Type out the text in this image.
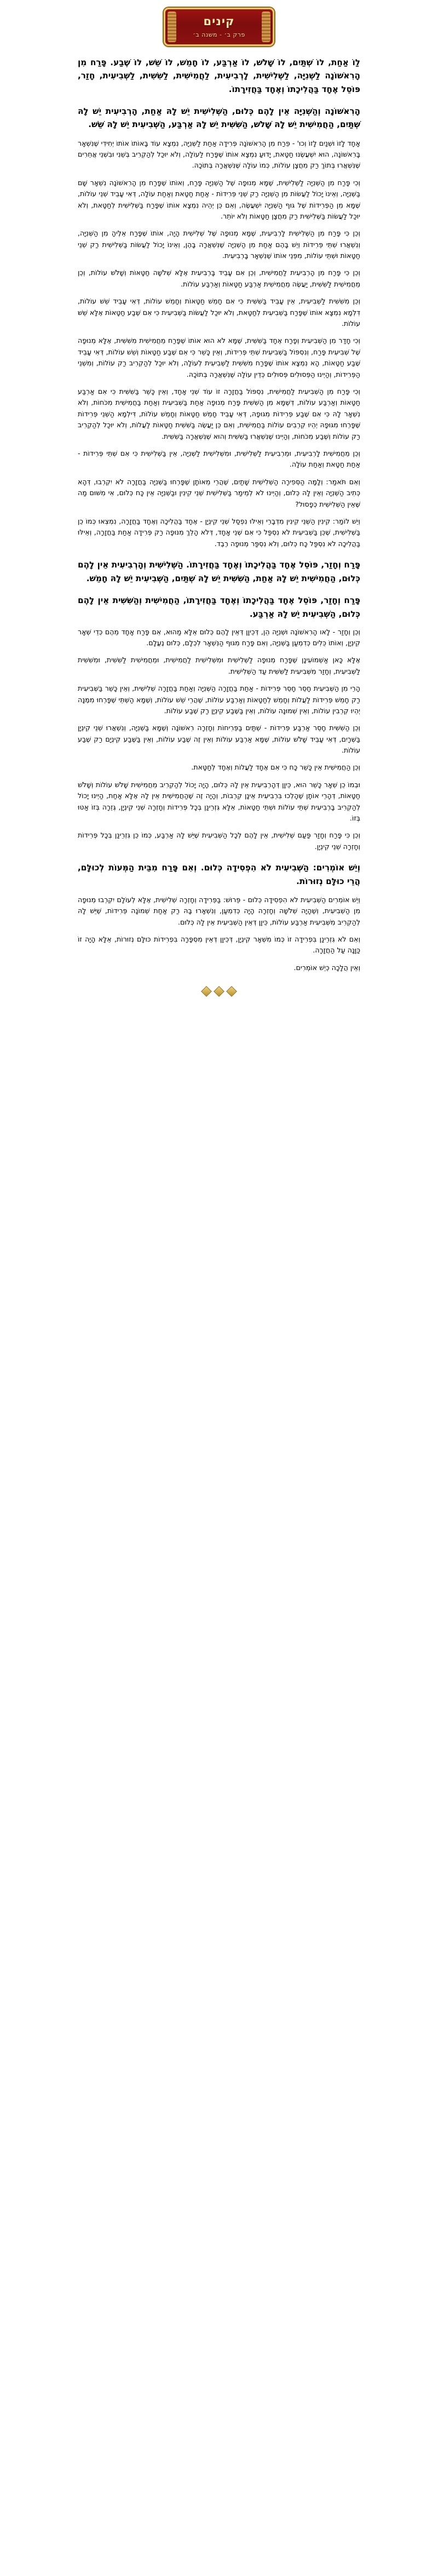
קינים
פרק ב׳ - משנה ב׳

לַוֹ אַחַת, לוֹ שְׁתַּיִם, לוֹ שָׁלֹשׁ, לוֹ אַרְבַּע, לוֹ חָמֵשׁ, לוֹ שֵׁשׁ, לוֹ שֶׁבַע. פָּרַח מִן הָרִאשׁוֹנָה לַשְּׁנִיָּה, לַשְּׁלִישִׁית, לָרְבִיעִית, לַחֲמִישִׁית, לַשִּׁשִּׁית, לַשְּׁבִיעִית, חָזַר, פּוֹסֵל אֶחָד בַּהֲלִיכָתוֹ וְאֶחָד בַּחֲזִירָתוֹ.

הָרִאשׁוֹנָה וְהַשְּׁנִיָּה אֵין לָהֶם כְּלוּם, הַשְּׁלִישִׁית יֵשׁ לָהּ אַחַת, הָרְבִיעִית יֵשׁ לָהּ שְׁתַּיִם, הַחֲמִישִׁית יֵשׁ לָהּ שָׁלֹשׁ, הַשִּׁשִּׁית יֵשׁ לָהּ אַרְבַּע, הַשְּׁבִיעִית יֵשׁ לָהּ שֵׁשׁ.

אָחָד לָזוֹ וּשְׁנַיִם לָזוֹ וְכוּ' - פֵּרַח מִן הָרִאשׁוֹנָה פְּרִידָה אַחַת לַשְּׁנִיָּה, נִמְצָא עוֹד בָּאוֹתוֹ אוֹתוֹ יְחִידִי שֶׁנִּשְׁאָר בָּרִאשׁוֹנָה, הוּא יִשְׁעֲשֶׂנּוּ חַטָּאת, יָדוּעַ נִמְצָא אוֹתוֹ שֶׁפָּרַח לַעוֹלָה, וְלֹא יוּכַל לְהַקְרִיב בְּשֵׁנִי וּבִשְׁנֵי אֲחֵרִים שֶׁנִּשְׁאֲרוּ בְּתוֹךְ רַק מִחֲצָן עוֹלוֹת, כְּמוֹ עוֹלָה שֶׁנִּשְׁאֲרָה בְּתוֹכָהּ.

וְכִי פָּרַח מִן הַשְּׁנִיָּה לַשְּׁלִישִׁית, שֶׁמָּא מְנוּפָה שֶׁל הַשְּׁנִיָּה פָּרַח, וְאוֹתוֹ שֶׁפָּרַח מִן הָרִאשׁוֹנָה נִשְׁאָר שָׁם בַּשְּׁנִיָּה, וְאֵינוֹ יָכוֹל לַעֲשׂוֹת מִן הַשְּׁנִיָּה רַק שְׁנֵי פְּרִידוֹת - אַחַת חַטָּאת וְאַחַת עוֹלָה, דְּאִי עָבֵיד שְׁנֵי עוֹלוֹת, שֶׁמָּא מִן הַפְּרִידוֹת שֶׁל גּוּף הַשְּׁנִיָּה יִשְׁעֲשֶׂה, וְאִם כֵּן יְהֵיה נִמְצָא אוֹתוֹ שֶׁפָּרַח בַּשְּׁלִישִׁית לְחַטָּאת, וְלֹא יוּכַל לַעֲשׂוֹת בַּשְּׁלִישִׁית רַק מִחֲצָן חַטָּאוֹת וְלֹא יוֹתֵר.

וְכֵן כִּי פָּרַח מִן הַשְּׁלִישִׁית לָרְבִיעִית, שֶׁמָּא מְנוּפָה שֶׁל שְׁלִישִׁית הָיָה, אוֹתוֹ שֶׁפָּרַח אֵלֶיהָ מִן הַשְּׁנִיָּה, וְנִשְׁאֲרוּ שְׁתֵּי פְּרִידוֹת וְיֵשׁ בָּהֶם אַחַת מִן הַשְּׁנִיָּה שֶׁנִּשְׁאֲרָה בָּהֶן, וְאֵינוֹ יָכוֹל לַעֲשׂוֹת בַּשְּׁלִישִׁית רַק שְׁנֵי חַטָּאוֹת וּשְׁתֵּי עוֹלוֹת, מִפְּנֵי אוֹתוֹ שֶׁנִּשְׁאָר בָּרְבִיעִית.

וְכֵן כִּי פָּרַח מִן הָרְבִיעִית לַחֲמִישִׁית, וְכֵן אִם עָבֵיד בָּרְבִיעִית אֶלָּא שְׁלֹשָׁה חַטָּאוֹת וְשָׁלֹשׁ עוֹלוֹת, וְכֵן מֵחֲמִישִׁית לַשִּׁשִּׁית, יַעֲשֶׂה מֵחֲמִישִׁית אַרְבַּע חַטָּאוֹת וְאַרְבַּע עוֹלוֹת.

וְכֵן מִשִּׁשִּׁית לַשְּׁבִיעִית, אֵין עָבֵיד בַּשִּׁשִּׁית כִּי אִם חָמֵשׁ חַטָּאוֹת וְחָמֵשׁ עוֹלוֹת, דְּאִי עָבֵיד שֵׁשׁ עוֹלוֹת, דִּלְמָא נִמְצָא אוֹתוֹ שֶׁפָּרַח בַּשְּׁבִיעִית לְחַטָּאת, וְלֹא יוּכַל לַעֲשׂוֹת בַּשְּׁבִיעִית כִּי אִם שֶׁבַע חַטָּאוֹת אֶלָּא שֵׁשׁ עוֹלוֹת.

וְכִי חָדַר מִן הַשְּׁבִיעִית וְפָרַח אֶחָד בַּשִּׁשִּׁית, שֶׁמָּא לֹא הוּא אוֹתוֹ שֶׁפָּרַח מֵחֲמִישִׁית מִשִּׁשִּׁית, אֶלָּא מְנוּפָה שֶׁל שְׁבִיעִית פָּרַח, וְנִסְפּוֹל בַּשְּׁבִיעִית שְׁתֵּי פְּרִידוֹת, וְאֵין כָּשֵׁר כִּי אִם שֶׁבַע חַטָּאוֹת וְשֵׁשׁ עוֹלוֹת, דְּאִי עָבֵיד שֶׁבַע חַטָּאוֹת, הָא נִמְצָא אוֹתוֹ שֶׁפָּרַח מִשִּׁשִּׁית לַשְּׁבִיעִית לְעוֹלָה, וְלֹא יוּכַל לְהַקְרִיב רַק עוֹלוֹת, וְמִשְׁנֵי הַפְּרִידוֹת, וְהַיְינוּ הַפְּסוּלִים פְּסוּלִים כְּדֵין עוֹלָה שֶׁנִּשְׁאֲרָה בְּתוֹכָהּ.

וְכִי פָּרַח מִן הַשְּׁבִיעִית לַחֲמִישִׁית, נִסְפּוֹל בַּחֲזָרָה זוֹ עוֹד שְׁנֵי אָחָד, וְאֵין כָּשֵׁר בַּשִּׁשִּׁית כִּי אִם אַרְבַּע חַטָּאוֹת וְאַרְבַּע עוֹלוֹת, דְּשֶׁמָּא מִן הַשִּׁשִּׁית פָּרַח מְנוּפָה אַחַת בַּשְּׁבִיעִית וְאַחַת בַּחֲמִישִׁית מִכֹּחוֹת, וְלֹא נִשְׁאָר לָהּ כִּי אִם שֶׁבַע פְּרִידוֹת מִגּוּפָהּ, דְּאִי עָבֵיד חָמֵשׁ חַטָּאוֹת וְחָמֵשׁ עוֹלוֹת, דִּילְמָא הַשְּׁנֵי פְּרִידוֹת שֶׁפָּרְחוּ מִגּוּפָהּ יְהֵיוּ קְרֵבִים עוֹלוֹת בַּחֲמִישִׁית, וְאִם כֵּן יַעֲשֶׂה בַּשִּׁשִּׁית חַטָּאוֹת לַעֲלוֹת, וְלֹא יוּכַל לְהַקְרִיב רַק עוֹלוֹת וְשֶׁבַע מִכֹּחוֹת, וְהַיְינוּ שֶׁנִּשְׁאֲרוּ בַּשִּׁשִּׁית וְהוּא שֶׁנִּשְׁאֲרָה בַּשִּׁשִּׁית.

וְכֵן מֵחֲמִישִׁית לָרְבִיעִית, וּמֵרְבִיעִית לַשְּׁלִישִׁית, וּמִשְּׁלִישִׁית לַשְּׁנִיָּה, אֵין בַּשְּׁלִישִׁית כִּי אִם שְׁתֵּי פְּרִידוֹת - אַחַת חַטָּאת וְאַחַת עוֹלָה.

וְאִם תֹּאמַר: וְלָמָּה הַסְּפִירָה הַשְּׁלִישִׁית שָׁתַיִם, שֶׁהֲרֵי מֵאוֹתָן שֶׁפָּרְחוּ בַּשְּׁנִיָּה בַּחֲזָרָה לֹא יִקְרְבוּ, דְּהָא כְּתִיב הַשְּׁנִיָּה וְאֵין לָהּ כְּלוּם, וְהַיְינוּ לֹא לְמֵימַר בַּשְּׁלִישִׁית שְׁנֵי קִינִין וּבַשְּׁנִיָּה אֵין כָּח כְּלוּם, אִי מִשּׁוּם מַה שֶּׁאֵין הַשְּׁלִישִׁית כְּפָסוּל?

וְיֵשׁ לוֹמַר: קִינִין הַשְּׁנֵי קִינִין מִדְּבָרֵי וְאֵילּוּ נִפְסַל שְׁנֵי קִינְיָן - אֶחָד בַּהֲלִיכָה וְאֶחָד בַּחֲזָרָה, נִמְצְאוּ כְּמוֹ כֵן בַּשְּׁלִישִׁית, שֶׁכֵּן בַּשְּׁבִיעִית לֹא נִסְפַּל כִּי אִם שְׁנֵי אָחָד, דְּלֹא הָלֵךְ מִנּוּפָה רַק פְּרִידָה אַחַת בַּחֲזָרָה, וְאֵילּוּ בַּהֲלִיכָה לֹא נִסְפַּל כָּח כְּלוּם, וְלֹא נִסְפַּר מְנוּפָה רֶבֶד.

פָּרַח וְחָזַר, פּוֹסֵל אֶחָד בַּהֲלִיכָתוֹ וְאֶחָד בַּחֲזִירָתוֹ. הַשְּׁלִישִׁית וְהָרְבִיעִית אֵין לָהֶם כְּלוּם, הַחֲמִישִׁית יֵשׁ לָהּ אַחַת, הַשִּׁשִּׁית יֵשׁ לָהּ שְׁתַּיִם, הַשְּׁבִיעִית יֵשׁ לָהּ חָמֵשׁ.

פָּרַח וְחָזַר, פּוֹסֵל אֶחָד בַּהֲלִיכָתוֹ וְאֶחָד בַּחֲזִירָתוֹ, הַחֲמִישִׁית וְהַשִּׁשִּׁית אֵין לָהֶם כְּלוּם, הַשְּׁבִיעִית יֵשׁ לָהּ אַרְבַּע.

וְכֵן וְחָזַר - לָאו הָרִאשׁוֹנָה וּשְׁנִיָּה הֵן, דְּכֵיוָן דְּאֵין לָהֶם כְּלוּם אֵלָּא מַהוּא, אִם פָּרַח אָחָד מֵהֶם כְּדֵי שְׁאָר קִינְיָן, וְאוֹתוֹ כֵּלִים כְּדִמְעַן בַּשְּׁנִיָּה, וְאִם פָּרַח מִגּוּף הַנִּשְׁאָר לִכְלָם, כְּלוּם נֶעֱלָם.

אֶלָּא כָּאן אַשְׁמוֹעִינָן שֶׁפָּרַח מְנוּפָה לַשְּׁלִישִׁית וּמִשְּׁלִישִׁית לַחֲמִישִׁית, וּמֵחֲמִישִׁית לַשִּׁשִּׁית, וּמִשִּׁשִּׁית לַשְּׁבִיעִית, וְחָזַר מִשְּׁבִיעִית לַשִּׁשִּׁית עַד הַשְּׁלִישִׁית.

הָרֵי מִן הַשְּׁבִיעִית חָסֵר חָסֵר פְּרִידוֹת - אַחַת בַּחֲזָרָה הַשְּׁנִיָּה וְאַחַת בַּחֲזָרָה שְׁלִישִׁית, וְאֵין כָּשֵׁר בַּשְּׁבִיעִית רַק חָמֵשׁ פְּרִידוֹת לַעֲלוֹת וְחָמֵשׁ לְחַטָּאוֹת וְאַרְבַּע עוֹלוֹת, שֶׁהֲרֵי שֵׁשׁ עוֹלוֹת, וְשֶׁמָּא הַשְּׁתֵּי שֶׁפָּרְחוּ מִמֶּנָּה יְהֵיוּ קְרֵבִין עוֹלוֹת, וְאֵין שְׁמוּנָה עוֹלוֹת, וְאֵין בַּשֶּׁבַע קִינְיָן רַק שֶׁבַע עוֹלוֹת.

וְכֵן הַשִּׁשִּׁית חָסֵר אַרְבַּע פְּרִידוֹת - שְׁתַּיִם בַּפְּרִיחוֹת וְחָזְרָה רִאשׁוֹנָה וְשֶׁמָּא בַּשְּׁנִיָּה, וְנִשְׁאֲרוּ שְׁנֵי קִינְיָן בַּשְּׁרָיִם, דְּאִי עָבֵיד שָׁלֹשׁ עוֹלוֹת, שֶׁמָּא אַרְבַּע עוֹלוֹת וְאֵין זֶה שֶׁבַע עוֹלוֹת, וְאֵין בַּשֶּׁבַע קִינְיָם רַק שֶׁבַע עוֹלוֹת.

וְכֵן הַחֲמִישִׁית אֵין כָּשֵׁר כָּח כִּי אִם אֶחָד לַעֲלוֹת וְאֶחָד לְחַטָּאת.

וּבְמוֹ כֵן שְׁאָר כָּשֵׁר הוּא, כֵּיוָן דְּהָרְבִיעִית אֵין לָהּ כְּלוּם, הָיָה יָכוֹל לְהַקְרִיב מֵחֲמִישִׁית שָׁלֹשׁ עוֹלוֹת וְשָׁלֹשׁ חַטָּאוֹת, דְּהָרֵי אוֹתָן שֶׁהָלְכוּ בִּרְבִיעִית אֵינָן קְרֵבוֹת, וְהָיָה זֶה שֶׁהַחֲמִישִׁית אֵין לָהּ אֶלָּא אַחַת, הַיְינוּ יָכוֹל לְהַקְרִיב בָּרְבִיעִית שְׁתֵּי עוֹלוֹת וּשְׁתֵּי חַטָּאוֹת, אֵלָּא גִּזְרֵינַן בְּכָל פְּרִידוֹת וְחָזְרָה שְׁנֵי קִינְיָן, גְּזֵרָה בְּזוֹ אַטּוּ בְּזוֹ.

וְכֵן כִּי פָּרַח וְחָזַר פַּעַם שְׁלִישִׁית, אֵין לָהֶם לְכָל הַשְּׁבִיעִית שֶׁיֵּשׁ לָהּ אַרְבַּע, כְּמוֹ כֵן גִּזְרֵינַן בְּכָל פְּרִידוֹת וְחָזְרָה שְׁנֵי קִינְיָן.

וְיֵשׁ אוֹמְרִים: הַשְּׁבִיעִית לֹא הִפְסִידָה כְּלוּם. וְאִם פָּרַח מִבֵּית הַמְּעוֹת לְכוּלָּם, הֲרֵי כוּלָּם נְזוּרוֹת.

וְיֵשׁ אוֹמְרִים הַשְּׁבִיעִית לֹא הִפְסִידָה כְּלוּם - פֵּרוּשׁ: בַּפְּרִידָה וְחָזְרָה שְׁלִישִׁית, אֶלָּא לְעוֹלָם יִקְרְבוּ מְנוּפָה מִן הַשְּׁבִיעִית, וְשֶׁהָיָה שְׁלֹשָׁה וְחָזְרָה הָיָה כְּדִמְעַן, וְנִשְׁאָרוּ בָּהּ רַק אַחַת שְׁמוֹנָה פְּרִידוֹת, שֶׁיֵּשׁ לָהּ לְהַקְרִיב מִשְּׁבִיעִית אַרְבַּע עוֹלוֹת, כֵּיוָן דְּאֵין הַשְּׁבִיעִית אֵין לָהּ כְּלוּם.

וְאִם לֹא גִּזְרֵינַן בִּפְרִידָה זוֹ כְּמוֹ מִשְׁאָר קִינְיָן, דְּכֵיוָן דְּאֵין מִסְפָּרָה בִּפְרִידוֹת כּוּלָּם נְזוּרוֹת, אֵלָּא הָיָה זוֹ כַּוָּנָה עַל הַחֲזָרָה.

וְאֵין הֲלָכָה כְּיֵשׁ אוֹמְרִים.
